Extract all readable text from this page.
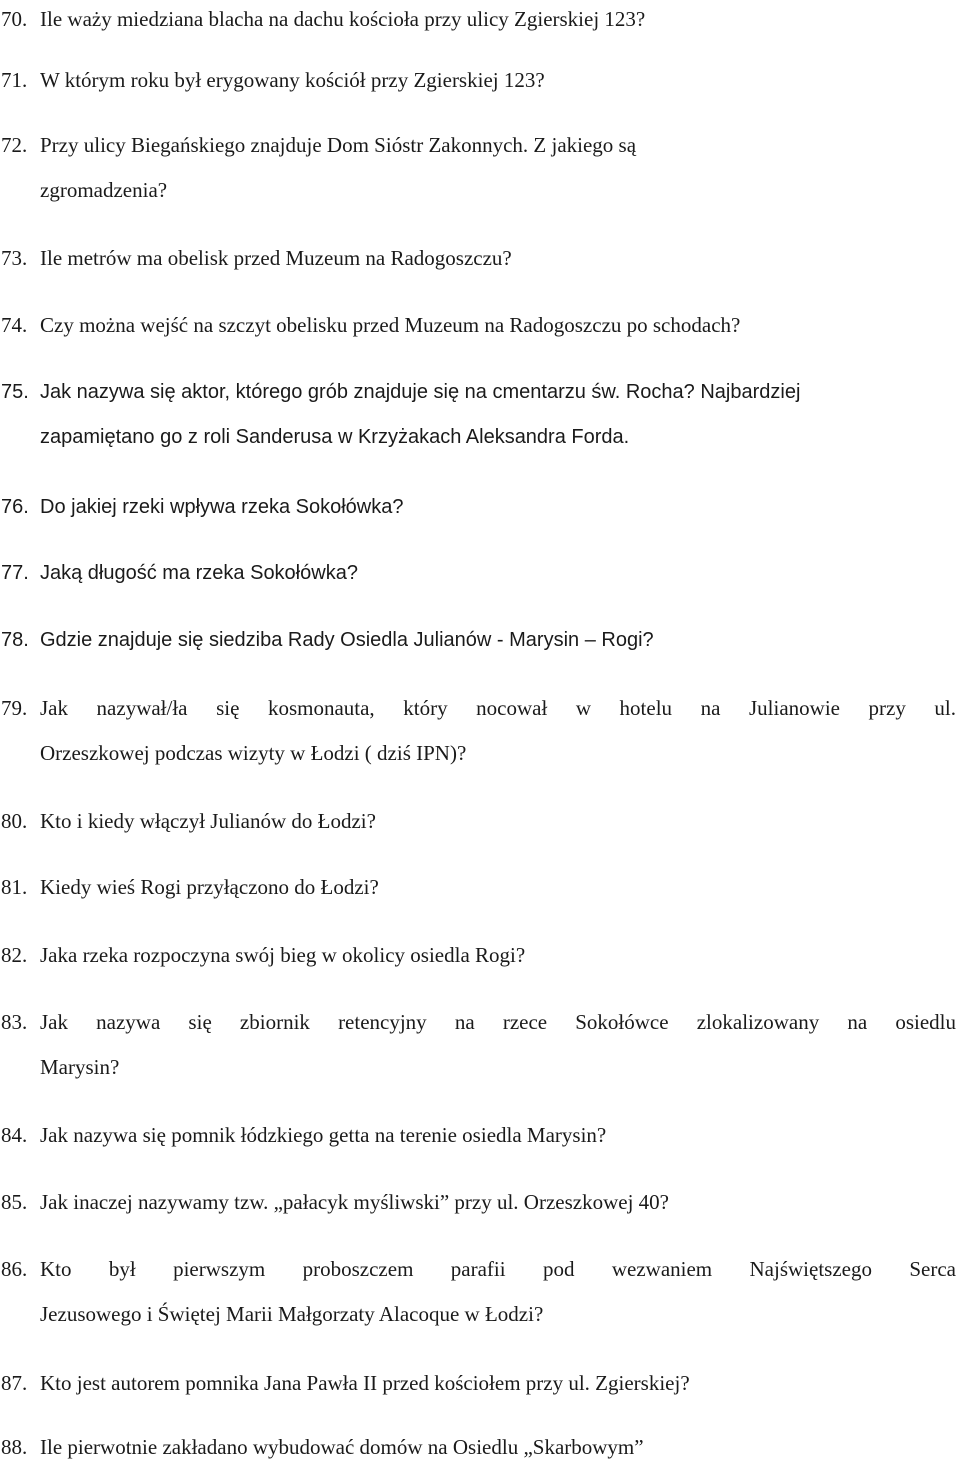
70. Ile waży miedziana blacha na dachu kościoła przy ulicy Zgierskiej 123?
71. W którym roku był erygowany kościół przy Zgierskiej 123?
72. Przy ulicy Biegańskiego znajduje Dom Sióstr Zakonnych. Z jakiego są
zgromadzenia?
73. Ile metrów ma obelisk przed Muzeum na Radogoszczu?
74. Czy można wejść na szczyt obelisku przed Muzeum na Radogoszczu po schodach?
75. Jak nazywa się aktor, którego grób znajduje się na cmentarzu św. Rocha? Najbardziej
zapamiętano go z roli Sanderusa w Krzyżakach Aleksandra Forda.
76. Do jakiej rzeki wpływa rzeka Sokołówka?
77. Jaką długość ma rzeka Sokołówka?
78. Gdzie znajduje się siedziba Rady Osiedla Julianów - Marysin – Rogi?
79. Jak nazywał/ła się kosmonauta, który nocował w hotelu na Julianowie przy ul.
Orzeszkowej podczas wizyty w Łodzi ( dziś IPN)?
80. Kto i kiedy włączył Julianów do Łodzi?
81. Kiedy wieś Rogi przyłączono do Łodzi?
82. Jaka rzeka rozpoczyna swój bieg w okolicy osiedla Rogi?
83. Jak nazywa się zbiornik retencyjny na rzece Sokołówce zlokalizowany na osiedlu
Marysin?
84. Jak nazywa się pomnik łódzkiego getta na terenie osiedla Marysin?
85. Jak inaczej nazywamy tzw. „pałacyk myśliwski” przy ul. Orzeszkowej 40?
86. Kto był pierwszym proboszczem parafii pod wezwaniem Najświętszego Serca
Jezusowego i Świętej Marii Małgorzaty Alacoque w Łodzi?
87. Kto jest autorem pomnika Jana Pawła II przed kościołem przy ul. Zgierskiej?
88. Ile pierwotnie zakładano wybudować domów na Osiedlu „Skarbowym”
